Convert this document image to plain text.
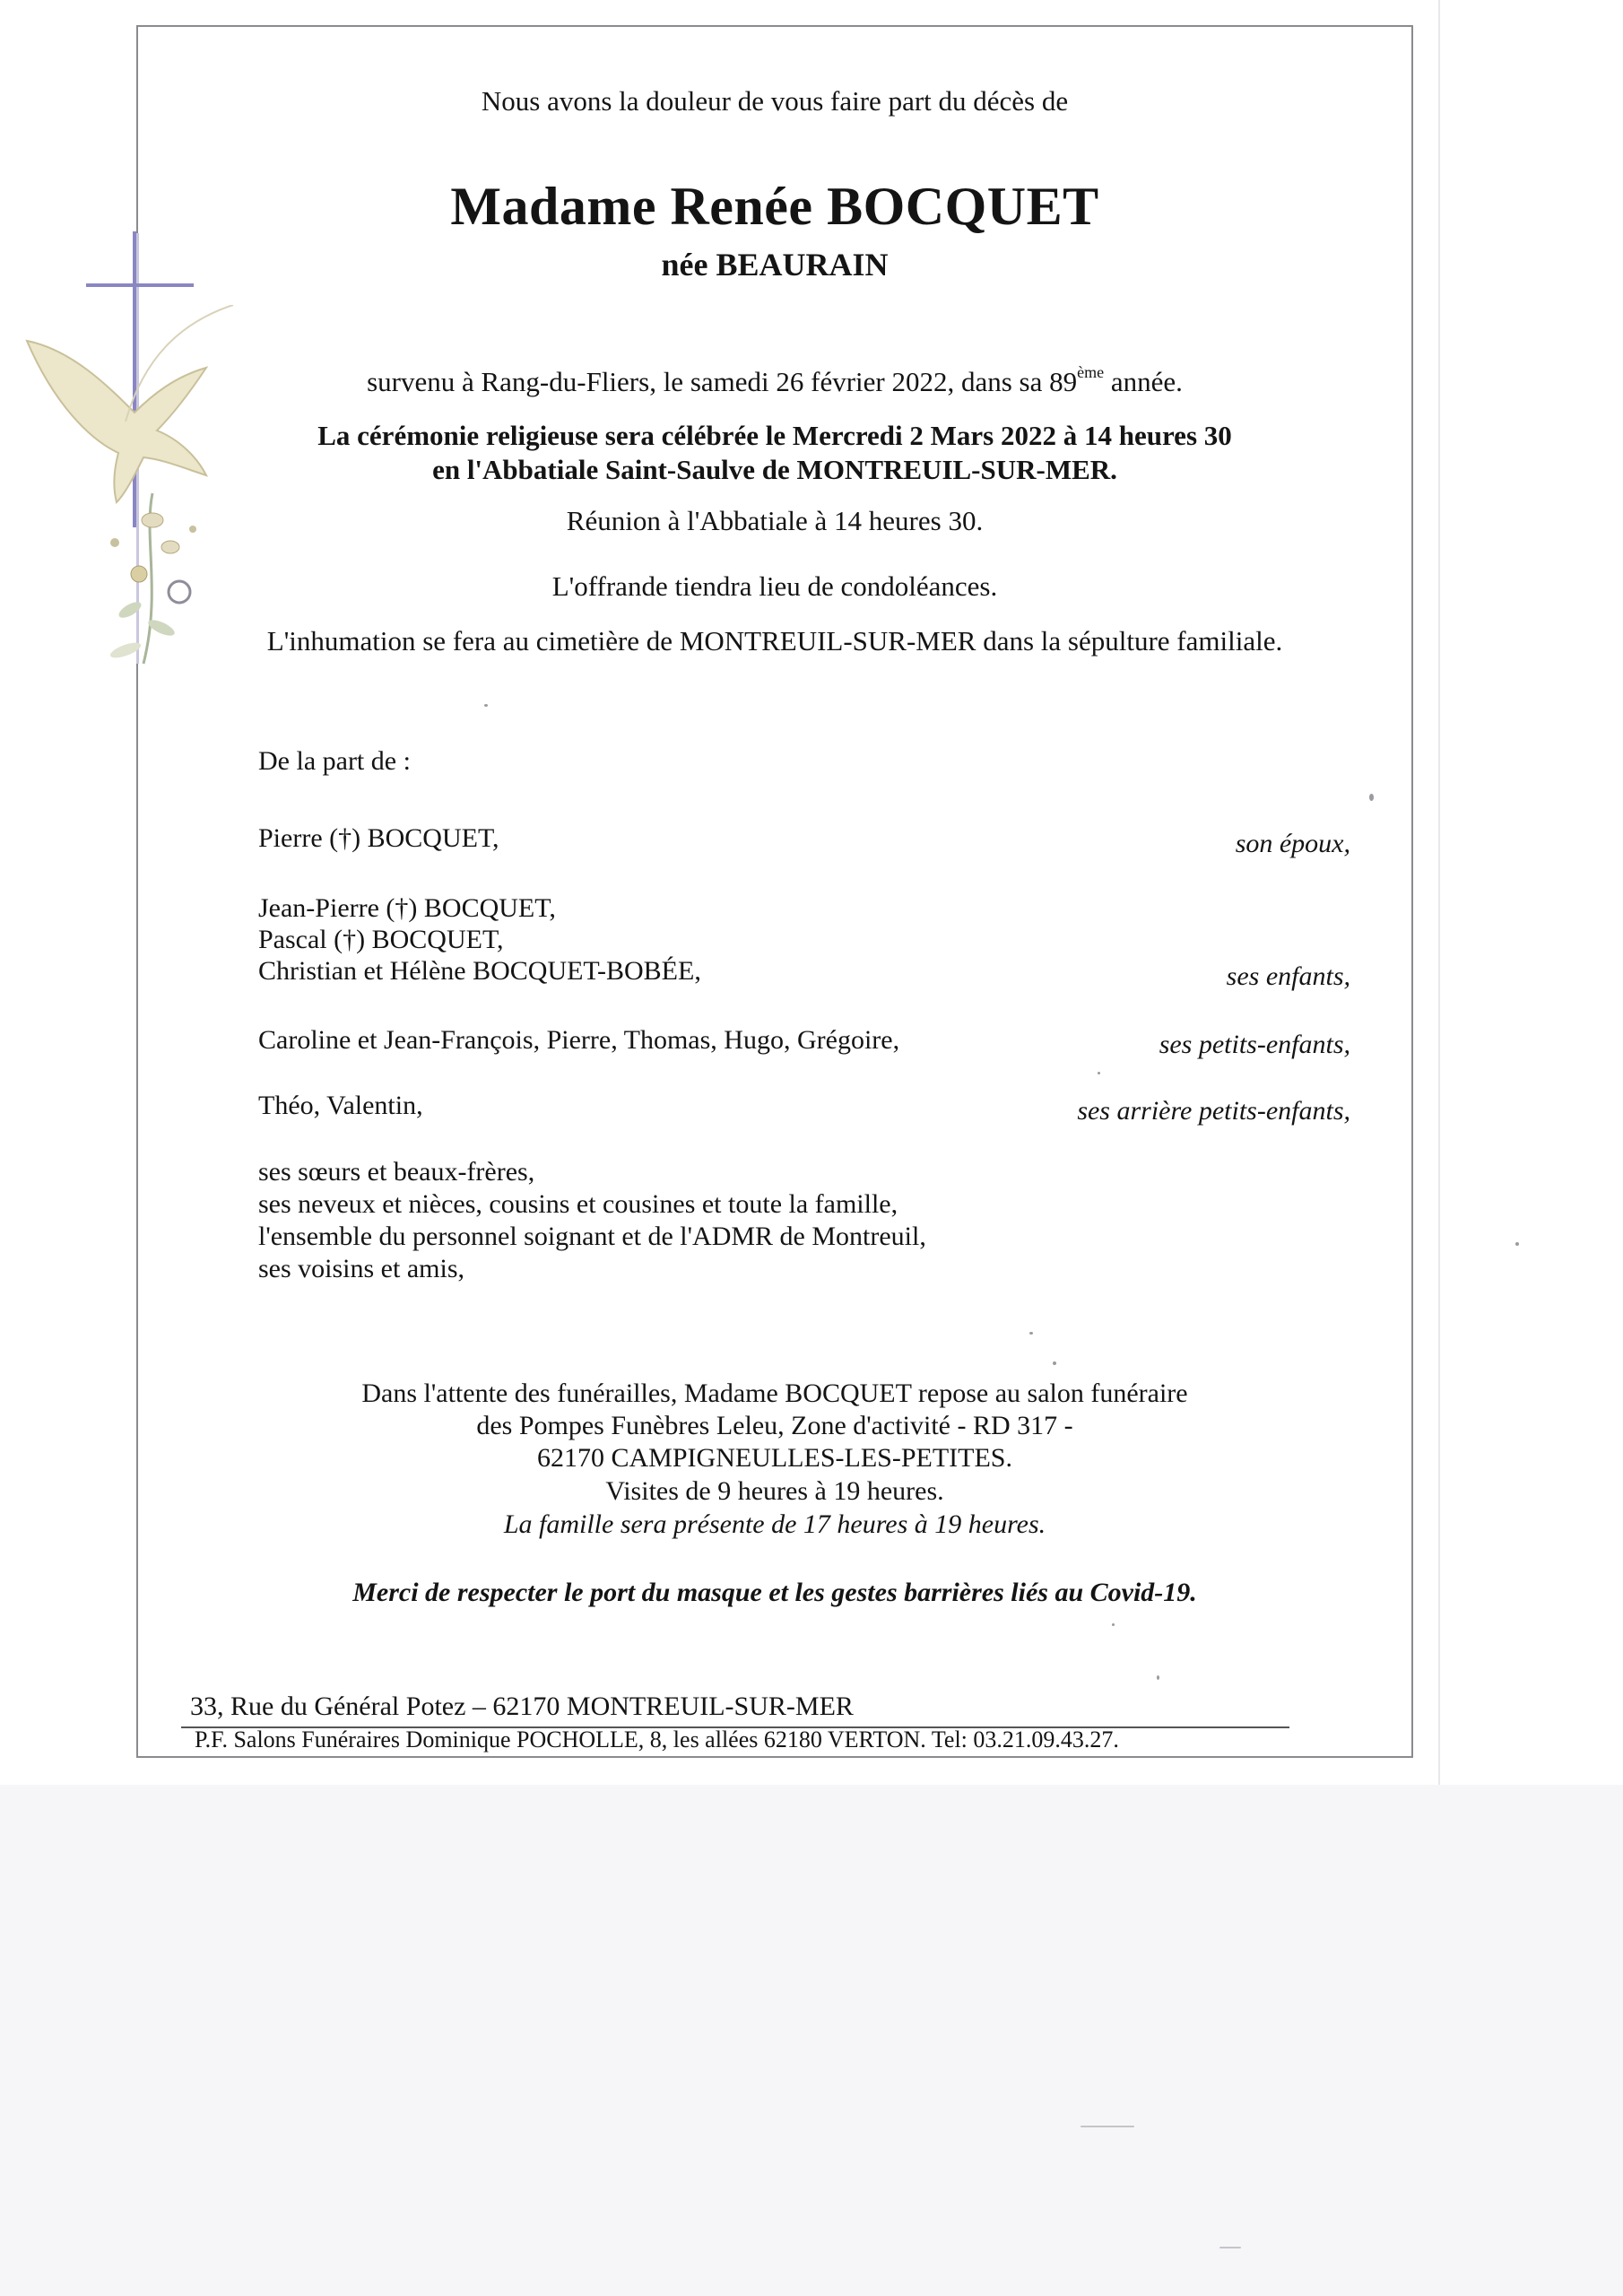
Nous avons la douleur de vous faire part du décès de
Madame Renée BOCQUET
née BEAURAIN
survenu à Rang-du-Fliers, le samedi 26 février 2022, dans sa 89ème année.
La cérémonie religieuse sera célébrée le Mercredi 2 Mars 2022 à 14 heures 30
en l'Abbatiale Saint-Saulve de MONTREUIL-SUR-MER.
Réunion à l'Abbatiale à 14 heures 30.
L'offrande tiendra lieu de condoléances.
L'inhumation se fera au cimetière de MONTREUIL-SUR-MER dans la sépulture familiale.
De la part de :
Pierre (†) BOCQUET,	son époux,
Jean-Pierre (†) BOCQUET,
Pascal (†) BOCQUET,
Christian et Hélène BOCQUET-BOBÉE,	ses enfants,
Caroline et Jean-François, Pierre, Thomas, Hugo, Grégoire,	ses petits-enfants,
Théo, Valentin,	ses arrière petits-enfants,
ses sœurs et beaux-frères,
ses neveux et nièces, cousins et cousines et toute la famille,
l'ensemble du personnel soignant et de l'ADMR de Montreuil,
ses voisins et amis,
Dans l'attente des funérailles, Madame BOCQUET repose au salon funéraire
des Pompes Funèbres Leleu, Zone d'activité - RD 317 -
62170 CAMPIGNEULLES-LES-PETITES.
Visites de 9 heures à 19 heures.
La famille sera présente de 17 heures à 19 heures.
Merci de respecter le port du masque et les gestes barrières liés au Covid-19.
33, Rue du Général Potez – 62170 MONTREUIL-SUR-MER
P.F. Salons Funéraires Dominique POCHOLLE, 8, les allées 62180 VERTON. Tel: 03.21.09.43.27.
